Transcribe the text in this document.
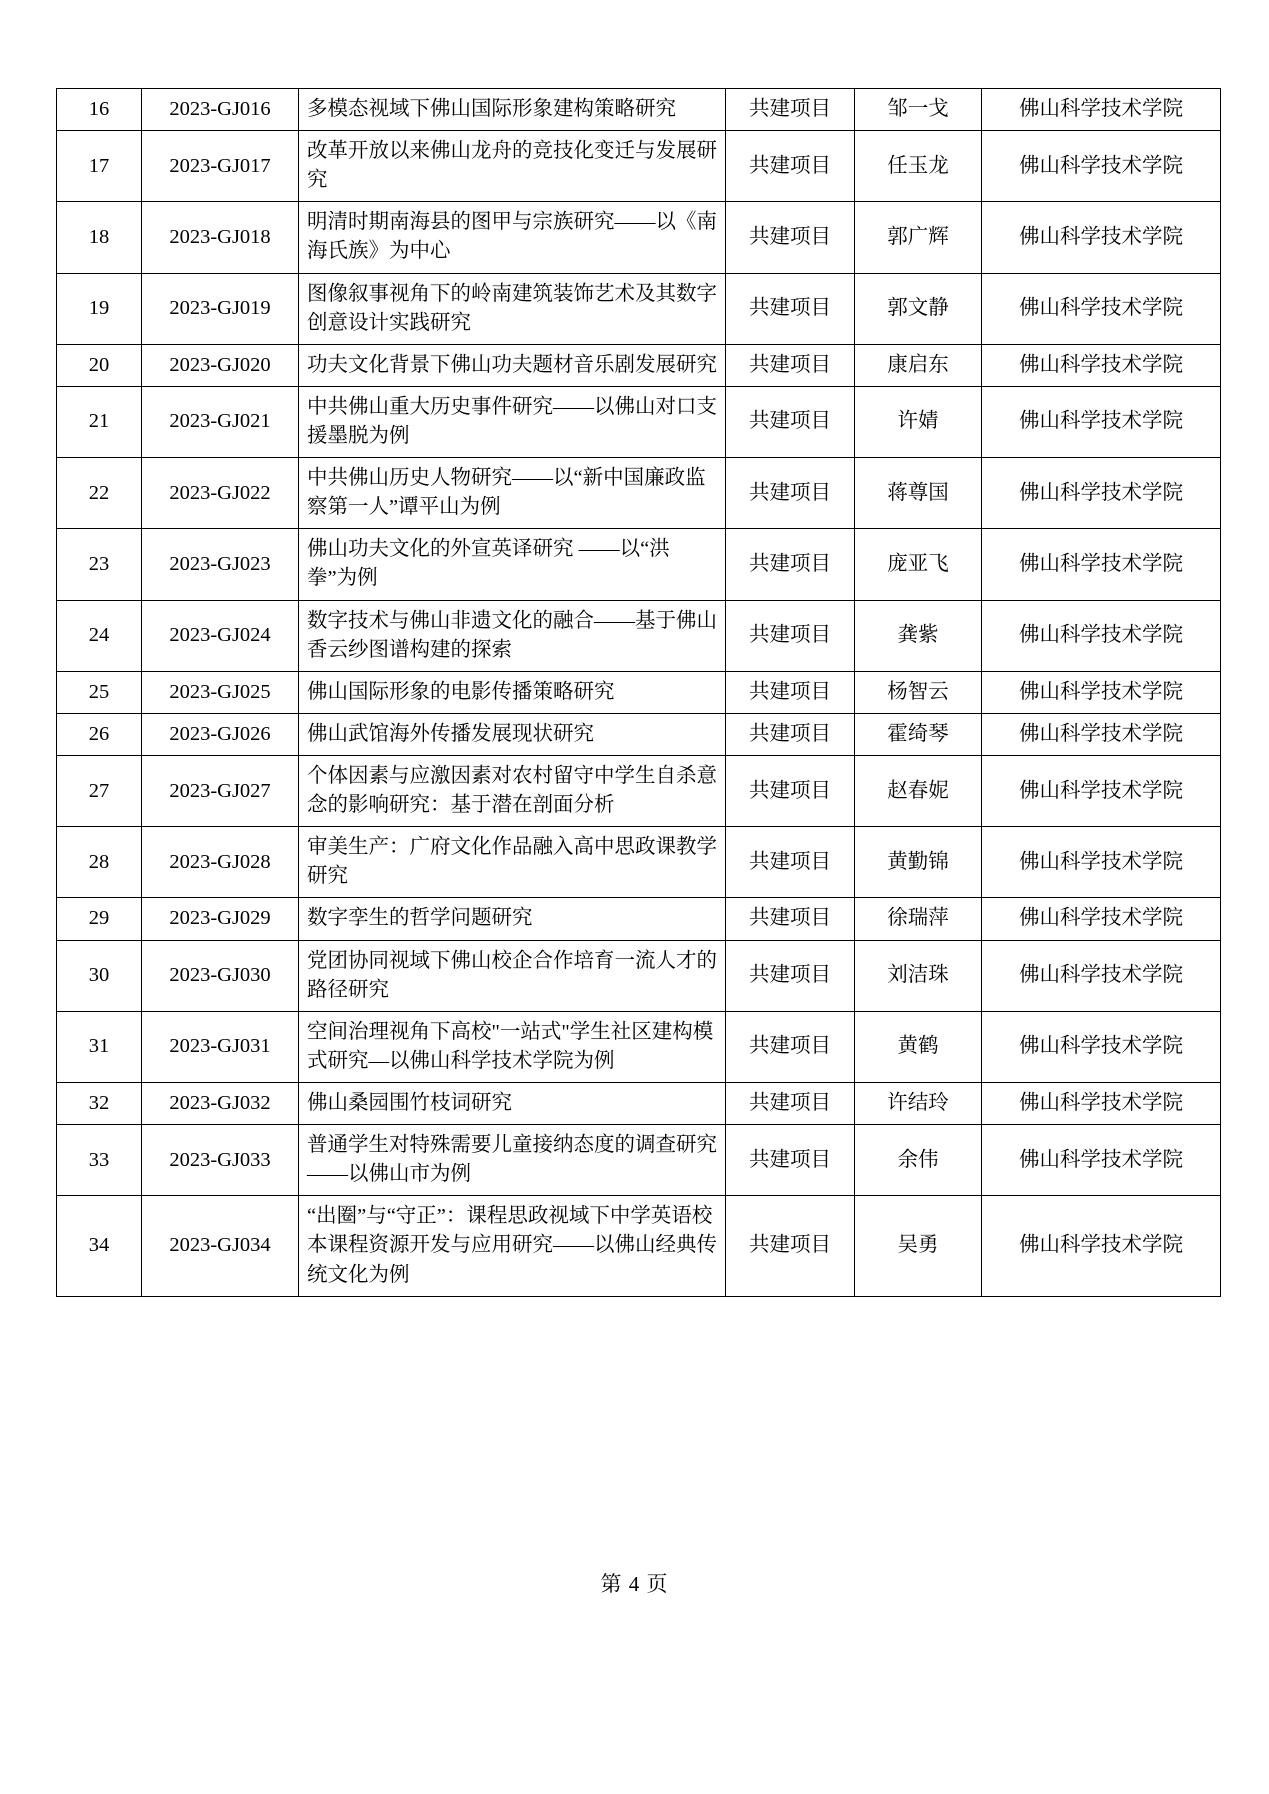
16	2023-GJ016	多模态视域下佛山国际形象建构策略研究	共建项目	邹一戈	佛山科学技术学院
17	2023-GJ017	改革开放以来佛山龙舟的竞技化变迁与发展研究	共建项目	任玉龙	佛山科学技术学院
18	2023-GJ018	明清时期南海县的图甲与宗族研究——以《南海氏族》为中心	共建项目	郭广辉	佛山科学技术学院
19	2023-GJ019	图像叙事视角下的岭南建筑装饰艺术及其数字创意设计实践研究	共建项目	郭文静	佛山科学技术学院
20	2023-GJ020	功夫文化背景下佛山功夫题材音乐剧发展研究	共建项目	康启东	佛山科学技术学院
21	2023-GJ021	中共佛山重大历史事件研究——以佛山对口支援墨脱为例	共建项目	许婧	佛山科学技术学院
22	2023-GJ022	中共佛山历史人物研究——以“新中国廉政监察第一人”谭平山为例	共建项目	蒋尊国	佛山科学技术学院
23	2023-GJ023	佛山功夫文化的外宣英译研究 ——以“洪拳”为例	共建项目	庞亚飞	佛山科学技术学院
24	2023-GJ024	数字技术与佛山非遗文化的融合——基于佛山香云纱图谱构建的探索	共建项目	龚紫	佛山科学技术学院
25	2023-GJ025	佛山国际形象的电影传播策略研究	共建项目	杨智云	佛山科学技术学院
26	2023-GJ026	佛山武馆海外传播发展现状研究	共建项目	霍绮琴	佛山科学技术学院
27	2023-GJ027	个体因素与应激因素对农村留守中学生自杀意念的影响研究：基于潜在剖面分析	共建项目	赵春妮	佛山科学技术学院
28	2023-GJ028	审美生产：广府文化作品融入高中思政课教学研究	共建项目	黄勤锦	佛山科学技术学院
29	2023-GJ029	数字孪生的哲学问题研究	共建项目	徐瑞萍	佛山科学技术学院
30	2023-GJ030	党团协同视域下佛山校企合作培育一流人才的路径研究	共建项目	刘洁珠	佛山科学技术学院
31	2023-GJ031	空间治理视角下高校"一站式"学生社区建构模式研究—以佛山科学技术学院为例	共建项目	黄鹤	佛山科学技术学院
32	2023-GJ032	佛山桑园围竹枝词研究	共建项目	许结玲	佛山科学技术学院
33	2023-GJ033	普通学生对特殊需要儿童接纳态度的调查研究——以佛山市为例	共建项目	余伟	佛山科学技术学院
34	2023-GJ034	“出圈”与“守正”：课程思政视域下中学英语校本课程资源开发与应用研究——以佛山经典传统文化为例	共建项目	吴勇	佛山科学技术学院
第 4 页
